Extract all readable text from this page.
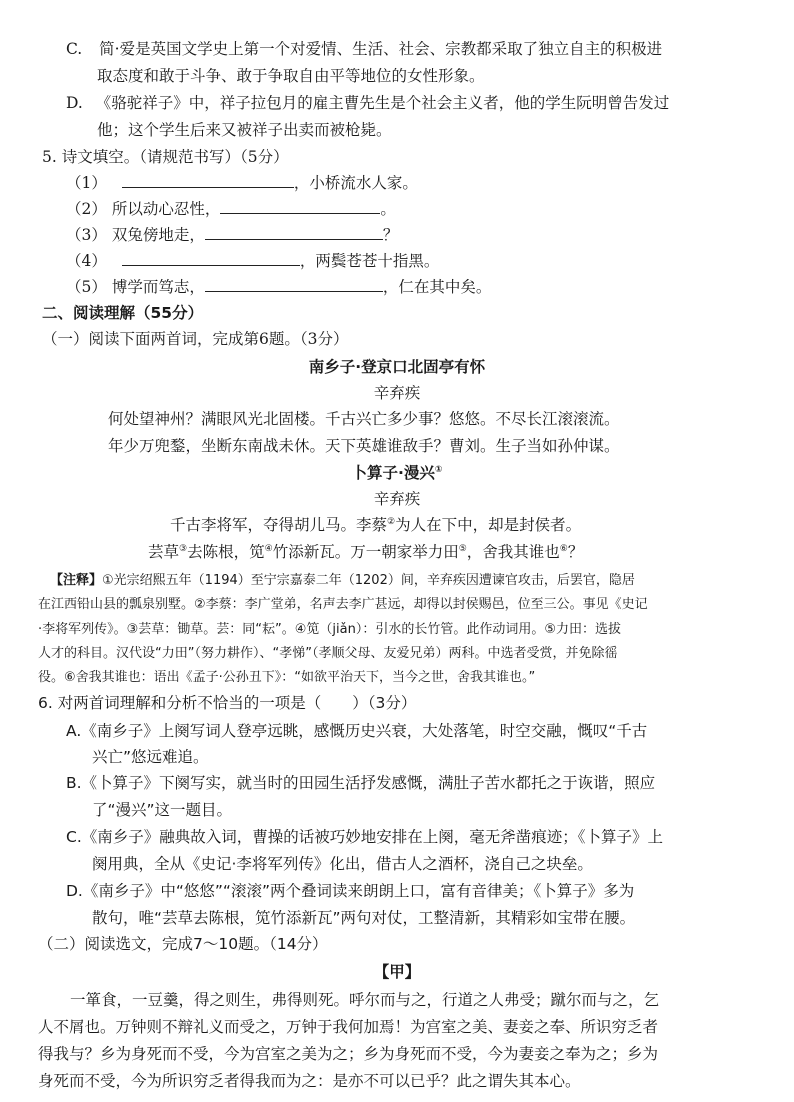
C. 简·爱是英国文学史上第一个对爱情、生活、社会、宗教都采取了独立自主的积极进
取态度和敢于斗争、敢于争取自由平等地位的女性形象。
D. 《骆驼祥子》中，祥子拉包月的雇主曹先生是个社会主义者，他的学生阮明曾告发过
他；这个学生后来又被祥子出卖而被枪毙。
5. 诗文填空。（请规范书写）（5分）
（1）	，小桥流水人家。
（2） 所以动心忍性，	。
（3） 双兔傍地走，	？
（4）	，两鬓苍苍十指黑。
（5） 博学而笃志，	，仁在其中矣。
二、阅读理解（55分）
（一）阅读下面两首词，完成第6题。（3分）
南乡子·登京口北固亭有怀
辛弃疾
何处望神州？满眼风光北固楼。千古兴亡多少事？悠悠。不尽长江滚滚流。
年少万兜鍪，坐断东南战未休。天下英雄谁敌手？曹刘。生子当如孙仲谋。
卜算子·漫兴①
辛弃疾
千古李将军，夺得胡儿马。李蔡②为人在下中，却是封侯者。
芸草③去陈根，笕④竹添新瓦。万一朝家举力田⑤，舍我其谁也⑥？
【注释】①光宗绍熙五年（1194）至宁宗嘉泰二年（1202）间，辛弃疾因遭谏官攻击，后罢官，隐居
在江西铅山县的瓢泉别墅。②李蔡：李广堂弟，名声去李广甚远，却得以封侯赐邑，位至三公。事见《史记
·李将军列传》。③芸草：锄草。芸：同“耘”。④笕（jiǎn）：引水的长竹管。此作动词用。⑤力田：选拔
人才的科目。汉代设“力田”（努力耕作）、“孝悌”（孝顺父母、友爱兄弟）两科。中选者受赏，并免除徭
役。⑥舍我其谁也：语出《孟子·公孙丑下》：“如欲平治天下，当今之世，舍我其谁也。”
6. 对两首词理解和分析不恰当的一项是（　　）（3分）
A.《南乡子》上阕写词人登亭远眺，感慨历史兴衰，大处落笔，时空交融，慨叹“千古
兴亡”悠远难追。
B.《卜算子》下阕写实，就当时的田园生活抒发感慨，满肚子苦水都托之于诙谐，照应
了“漫兴”这一题目。
C.《南乡子》融典故入词，曹操的话被巧妙地安排在上阕，毫无斧凿痕迹；《卜算子》上
阕用典，全从《史记·李将军列传》化出，借古人之酒杯，浇自己之块垒。
D.《南乡子》中“悠悠”“滚滚”两个叠词读来朗朗上口，富有音律美；《卜算子》多为
散句，唯“芸草去陈根，笕竹添新瓦”两句对仗，工整清新，其精彩如宝带在腰。
（二）阅读选文，完成7～10题。（14分）
【甲】
一箪食，一豆羹，得之则生，弗得则死。呼尔而与之，行道之人弗受；蹴尔而与之，乞
人不屑也。万钟则不辩礼义而受之，万钟于我何加焉！为宫室之美、妻妾之奉、所识穷乏者
得我与？乡为身死而不受，今为宫室之美为之；乡为身死而不受，今为妻妾之奉为之；乡为
身死而不受，今为所识穷乏者得我而为之：是亦不可以已乎？此之谓失其本心。
